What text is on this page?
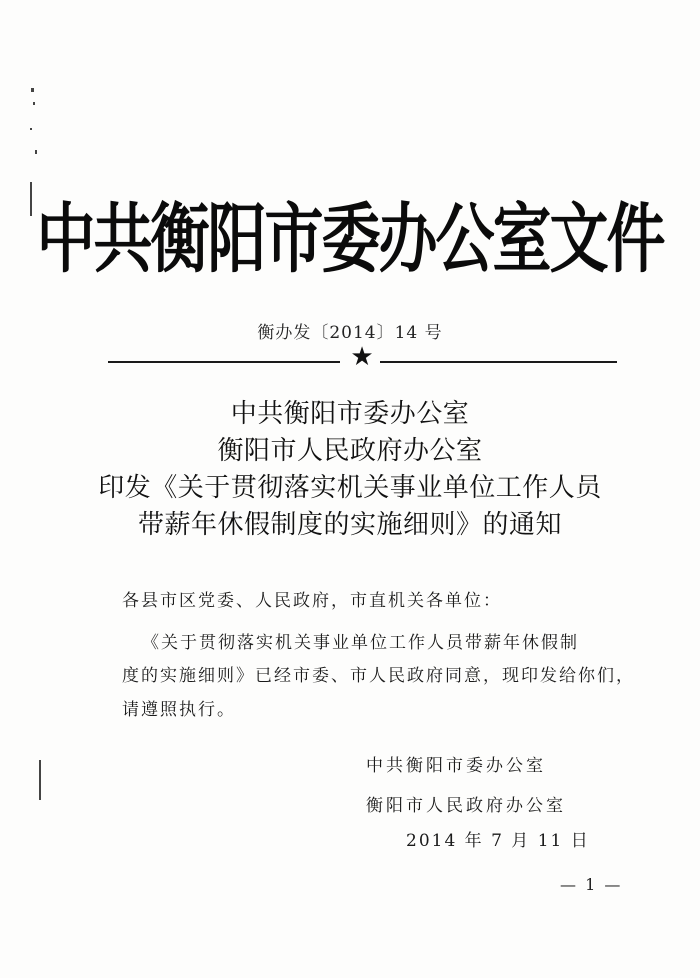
中共衡阳市委办公室文件
衡办发〔2014〕14 号
★
中共衡阳市委办公室
衡阳市人民政府办公室
印发《关于贯彻落实机关事业单位工作人员
带薪年休假制度的实施细则》的通知
各县市区党委、人民政府，市直机关各单位：
《关于贯彻落实机关事业单位工作人员带薪年休假制
度的实施细则》已经市委、市人民政府同意，现印发给你们，
请遵照执行。
中共衡阳市委办公室
衡阳市人民政府办公室
2014 年 7 月 11 日
— 1 —
